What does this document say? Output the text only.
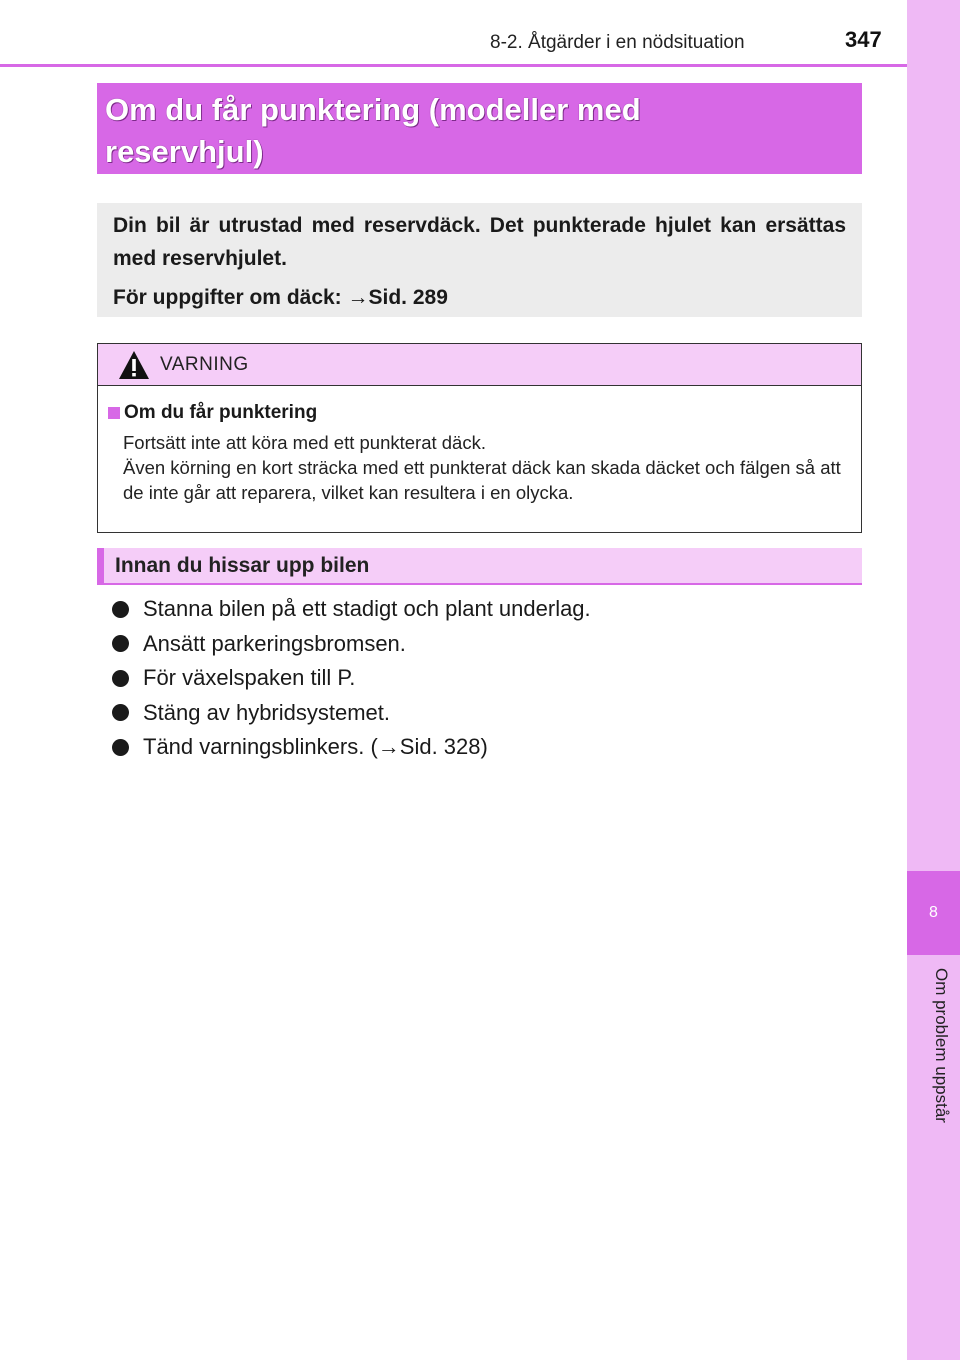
8
Om problem uppstår
8-2. Åtgärder i en nödsituation	347
Om du får punktering (modeller med
reservhjul)

Din bil är utrustad med reservdäck. Det punkterade hjulet kan ersättas med reservhjulet.

För uppgifter om däck: →Sid. 289
VARNING
Om du får punktering
Fortsätt inte att köra med ett punkterat däck.
Även körning en kort sträcka med ett punkterat däck kan skada däcket och fälgen så att de inte går att reparera, vilket kan resultera i en olycka.
Innan du hissar upp bilen
Stanna bilen på ett stadigt och plant underlag.
Ansätt parkeringsbromsen.
För växelspaken till P.
Stäng av hybridsystemet.
Tänd varningsblinkers. (→Sid. 328)
